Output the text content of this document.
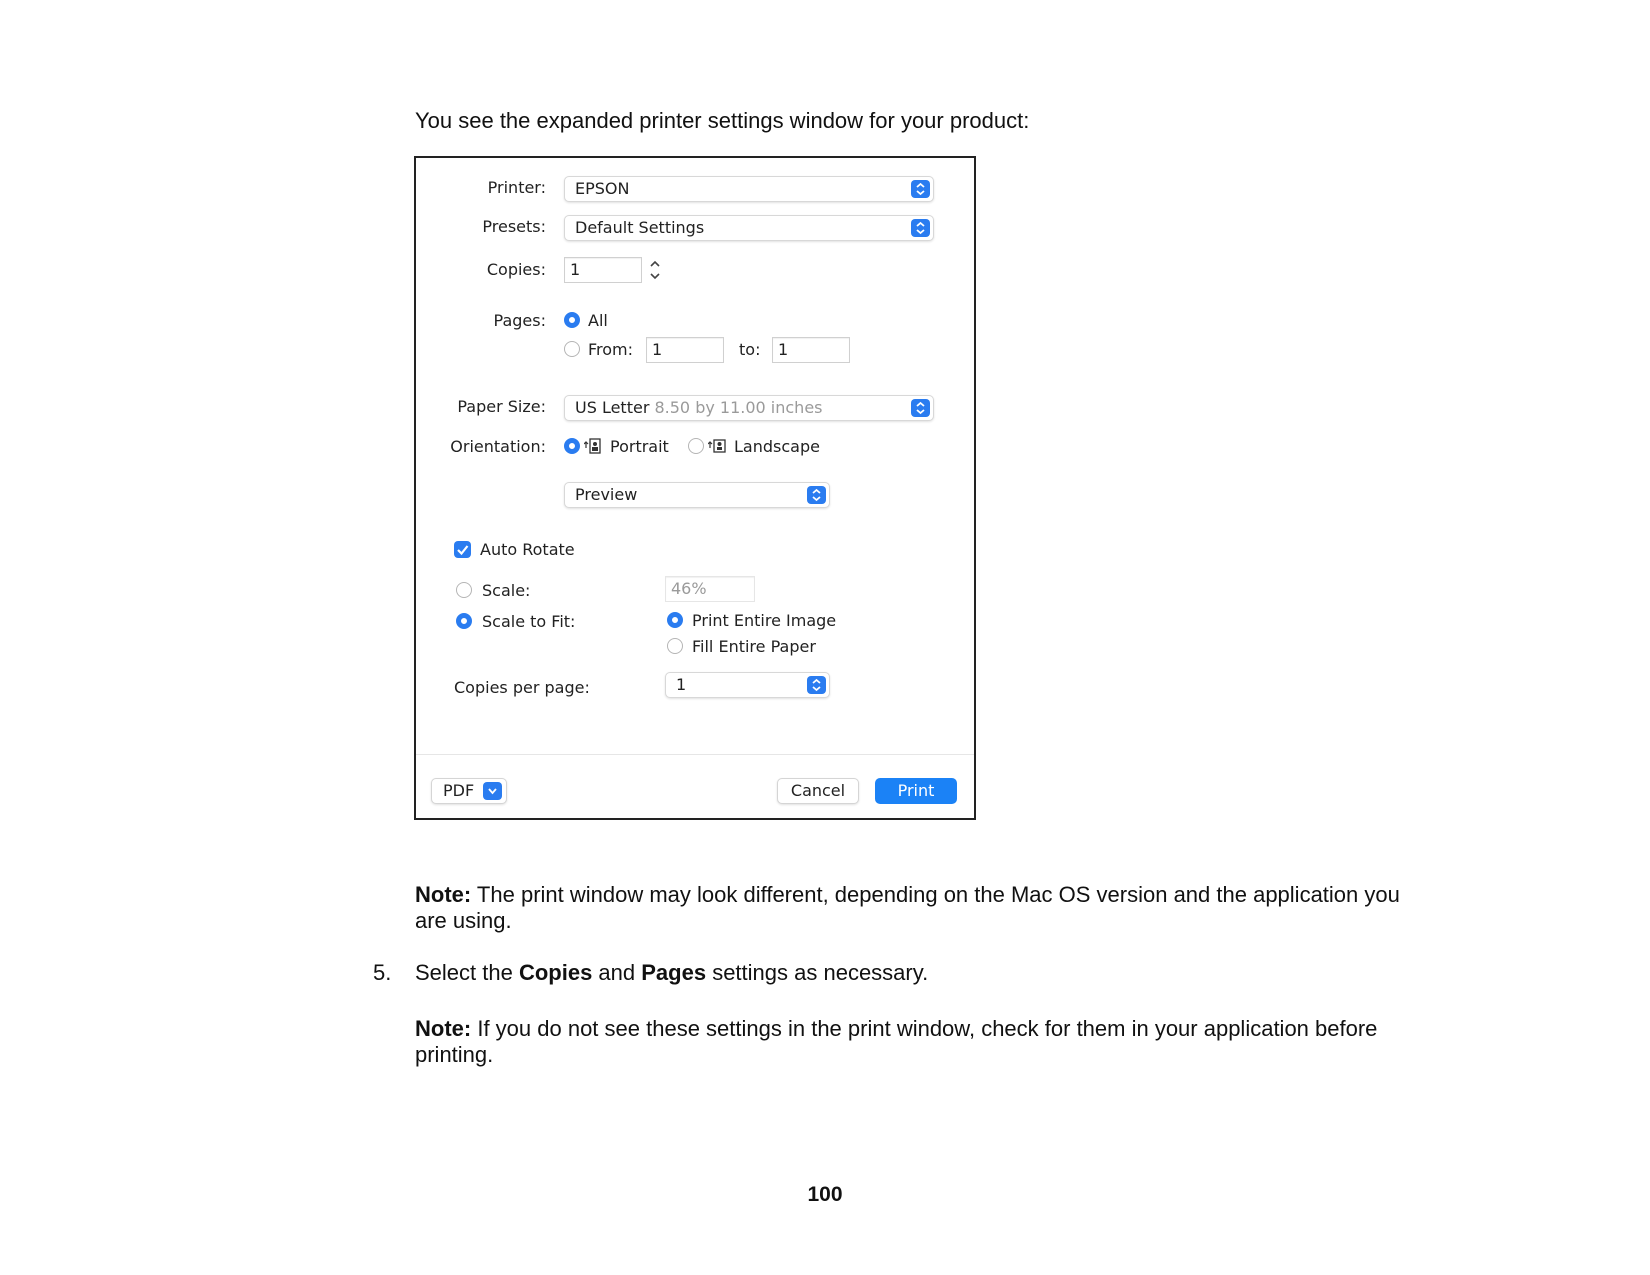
You see the expanded printer settings window for your product:
Printer:	EPSON
Presets:	Default Settings
Copies:	1
Pages:	All
From:	1	to:	1
Paper Size:	US Letter 8.50 by 11.00 inches
Orientation:	Portrait	Landscape
Preview
Auto Rotate
Scale:	46%
Scale to Fit:	Print Entire Image
Fill Entire Paper
Copies per page:	1
PDF	Cancel	Print
Note: The print window may look different, depending on the Mac OS version and the application you are using.
5. Select the Copies and Pages settings as necessary.
Note: If you do not see these settings in the print window, check for them in your application before printing.
100
